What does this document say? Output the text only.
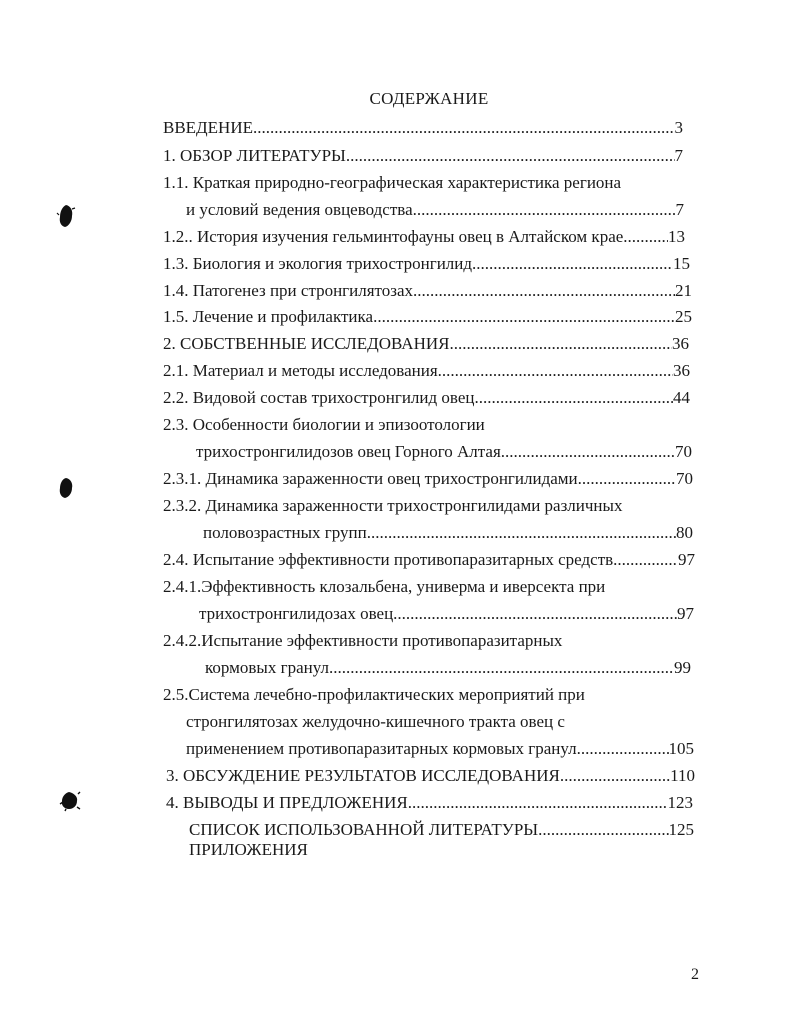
СОДЕРЖАНИЕ
ВВЕДЕНИЕ .....	3
1. ОБЗОР ЛИТЕРАТУРЫ .....	7
1.1. Краткая природно-географическая характеристика региона
и условий ведения овцеводства .....	7
1.2.. История изучения гельминтофауны овец в Алтайском крае .....	13
1.3. Биология и экология трихостронгилид .....	15
1.4. Патогенез при стронгилятозах .....	21
1.5. Лечение и профилактика .....	25
2. СОБСТВЕННЫЕ ИССЛЕДОВАНИЯ .....	36
2.1. Материал и методы исследования .....	36
2.2. Видовой состав трихостронгилид овец. .....	44
2.3. Особенности биологии и эпизоотологии
трихостронгилидозов овец Горного Алтая .....	70
2.3.1. Динамика зараженности овец трихостронгилидами .....	70
2.3.2. Динамика зараженности трихостронгилидами различных
половозрастных групп .....	80
2.4. Испытание эффективности противопаразитарных средств .....	97
2.4.1.Эффективность клозальбена, универма и иверсекта при
трихостронгилидозах овец .....	97
2.4.2.Испытание эффективности противопаразитарных
кормовых гранул .....	99
2.5.Система лечебно-профилактических мероприятий при
стронгилятозах желудочно-кишечного тракта овец с
применением противопаразитарных кормовых гранул .....	105
3. ОБСУЖДЕНИЕ РЕЗУЛЬТАТОВ ИССЛЕДОВАНИЯ .....	110
4. ВЫВОДЫ И ПРЕДЛОЖЕНИЯ .....	123
СПИСОК ИСПОЛЬЗОВАННОЙ ЛИТЕРАТУРЫ .....	125
ПРИЛОЖЕНИЯ
2
